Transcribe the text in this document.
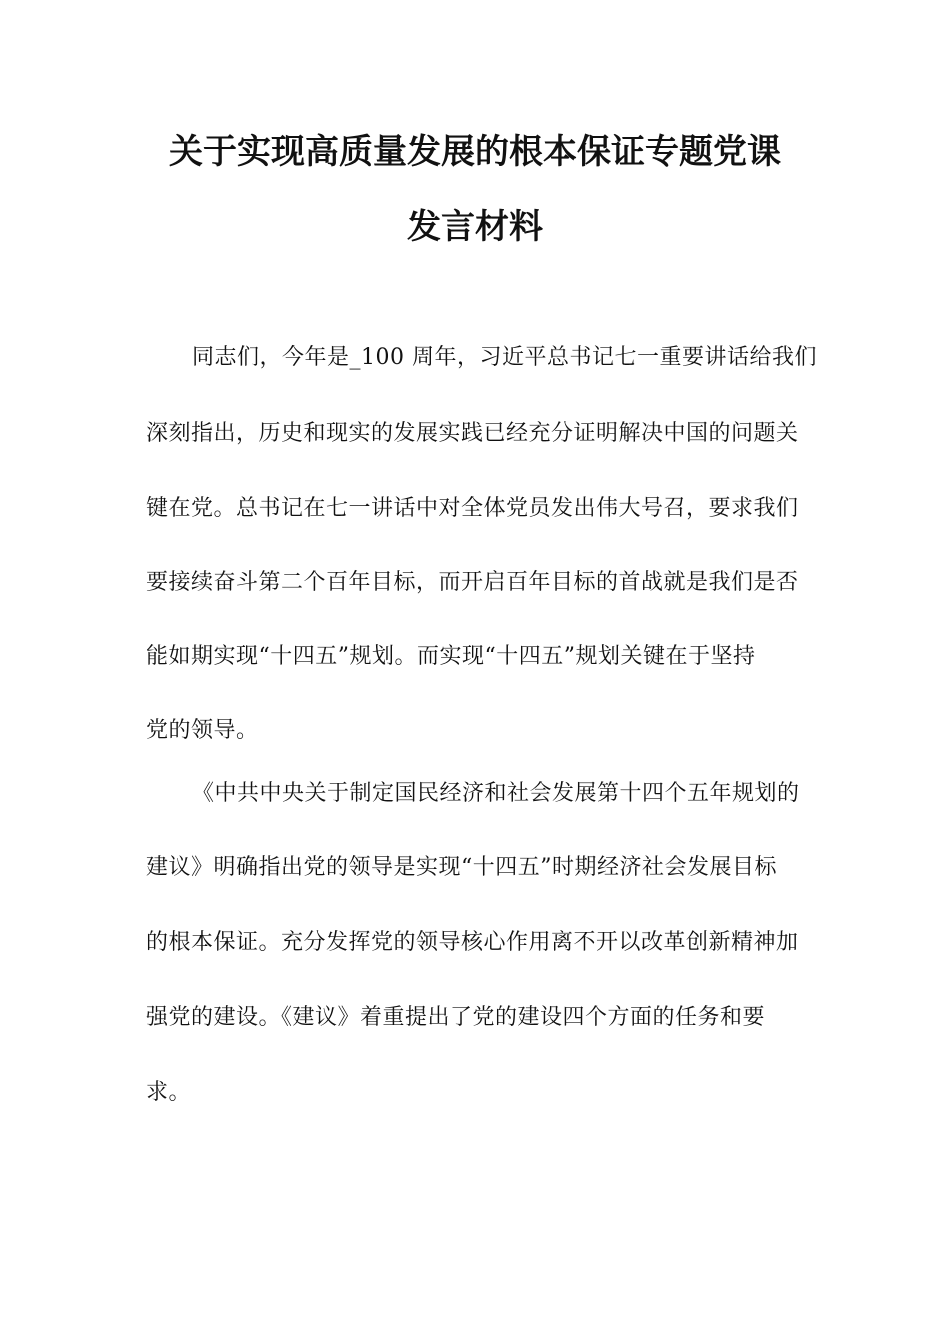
关于实现高质量发展的根本保证专题党课
发言材料
同志们，今年是_100 周年，习近平总书记七一重要讲话给我们
深刻指出，历史和现实的发展实践已经充分证明解决中国的问题关
键在党。总书记在七一讲话中对全体党员发出伟大号召，要求我们
要接续奋斗第二个百年目标，而开启百年目标的首战就是我们是否
能如期实现“十四五”规划。而实现“十四五”规划关键在于坚持
党的领导。
《中共中央关于制定国民经济和社会发展第十四个五年规划的
建议》明确指出党的领导是实现“十四五”时期经济社会发展目标
的根本保证。充分发挥党的领导核心作用离不开以改革创新精神加
强党的建设。《建议》着重提出了党的建设四个方面的任务和要
求。
